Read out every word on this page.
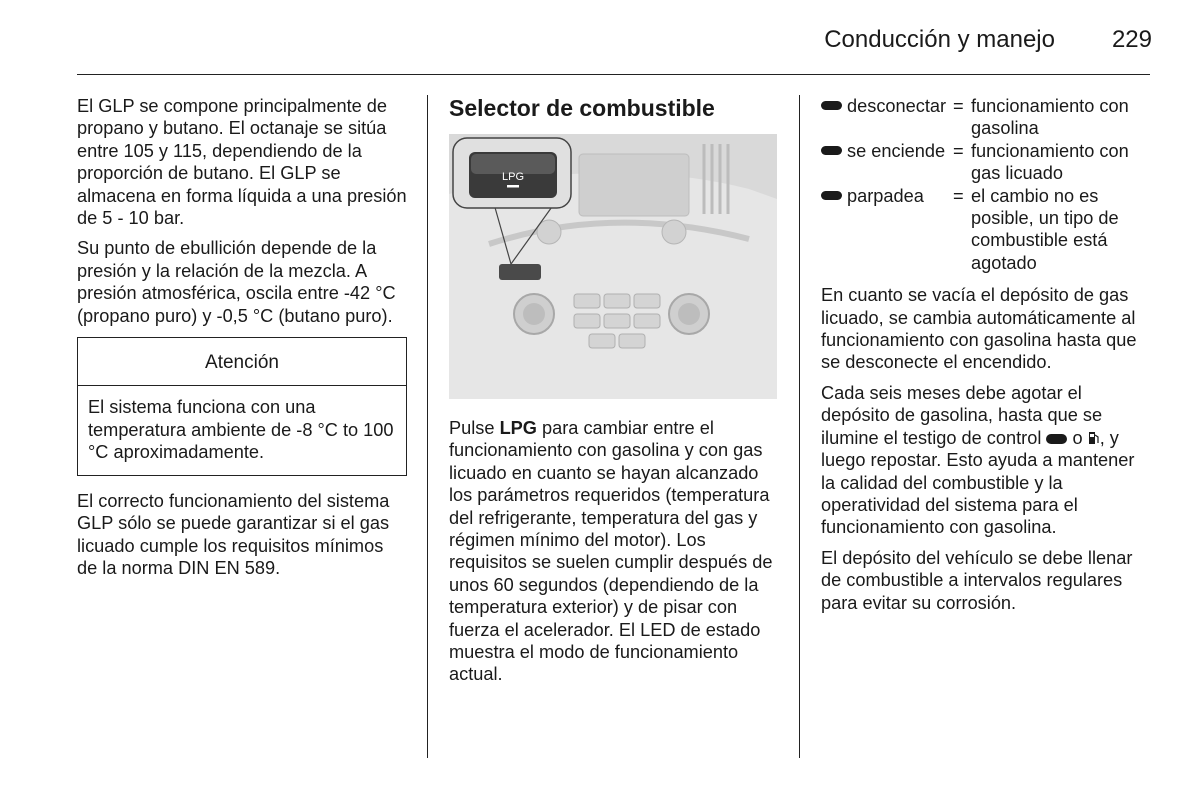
Conducción y manejo	229

El GLP se compone principalmente de propano y butano. El octanaje se sitúa entre 105 y 115, dependiendo de la proporción de butano. El GLP se almacena en forma líquida a una presión de 5 - 10 bar.

Su punto de ebullición depende de la presión y la relación de la mezcla. A presión atmosférica, oscila entre -42 °C (propano puro) y -0,5 °C (butano puro).

Atención
El sistema funciona con una temperatura ambiente de -8 °C to 100 °C aproximadamente.

El correcto funcionamiento del sistema GLP sólo se puede garantizar si el gas licuado cumple los requisitos mínimos de la norma DIN EN 589.

Selector de combustible
LPG

Pulse LPG para cambiar entre el funcionamiento con gasolina y con gas licuado en cuanto se hayan alcanzado los parámetros requeridos (temperatura del refrigerante, temperatura del gas y régimen mínimo del motor). Los requisitos se suelen cumplir después de unos 60 segundos (dependiendo de la temperatura exterior) y de pisar con fuerza el acelerador. El LED de estado muestra el modo de funcionamiento actual.

desconectar = funcionamiento con gasolina
se enciende = funcionamiento con gas licuado
parpadea	= el cambio no es posible, un tipo de combustible está agotado

En cuanto se vacía el depósito de gas licuado, se cambia automáticamente al funcionamiento con gasolina hasta que se desconecte el encendido.

Cada seis meses debe agotar el depósito de gasolina, hasta que se ilumine el testigo de control  o , y luego repostar. Esto ayuda a mantener la calidad del combustible y la operatividad del sistema para el funcionamiento con gasolina.

El depósito del vehículo se debe llenar de combustible a intervalos regulares para evitar su corrosión.
